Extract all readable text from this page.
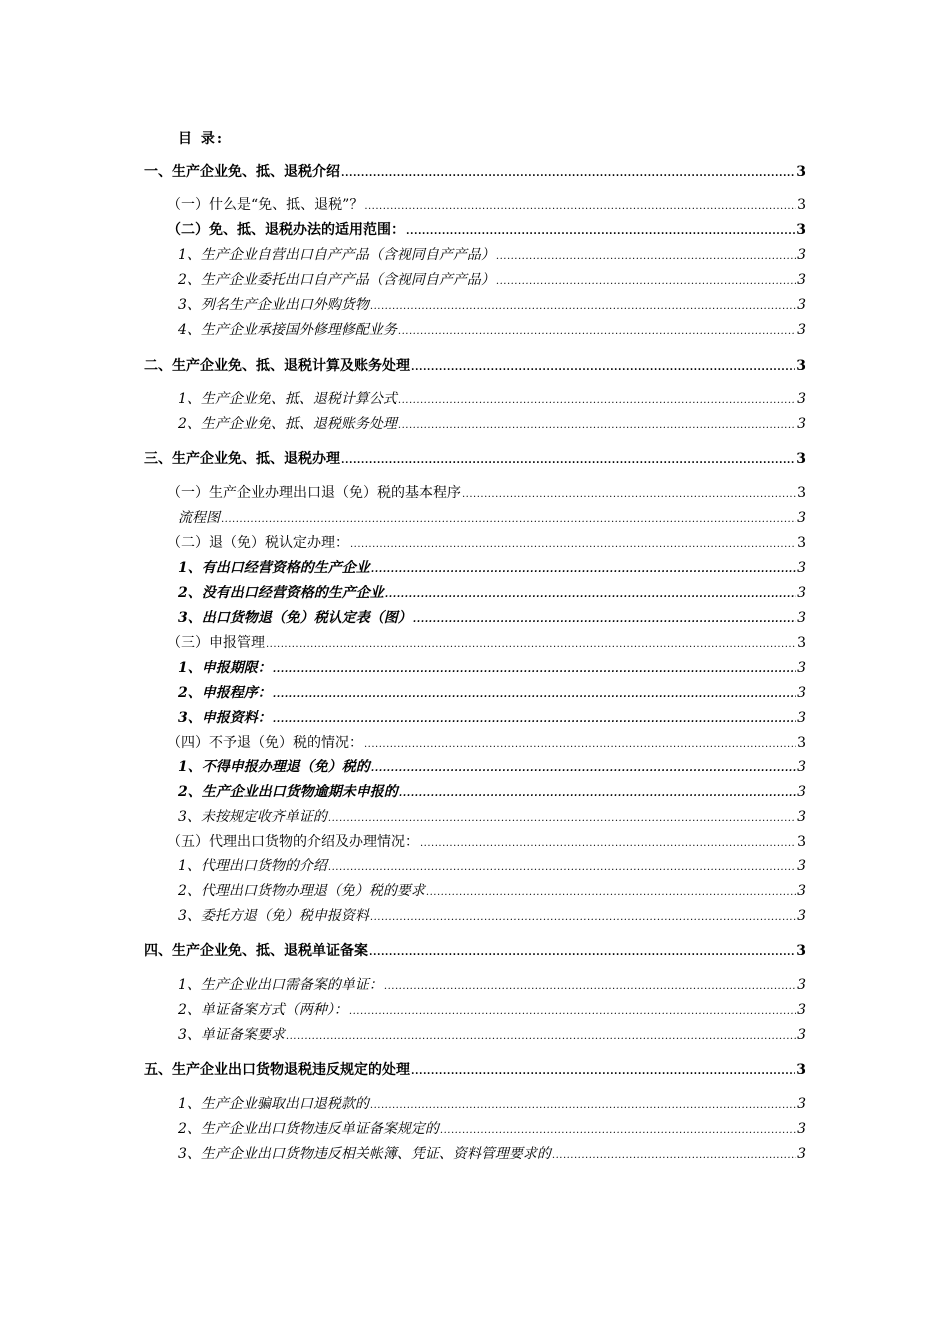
目 录:
一、生产企业免、抵、退税介绍 .....	3
（一）什么是“免、抵、退税”？ .....	3
（二）免、抵、退税办法的适用范围： .....	3
1、生产企业自营出口自产产品（含视同自产产品） .....	3
2、生产企业委托出口自产产品（含视同自产产品） .....	3
3、列名生产企业出口外购货物 .....	3
4、生产企业承接国外修理修配业务 .....	3
二、生产企业免、抵、退税计算及账务处理 .....	3
1、生产企业免、抵、退税计算公式 .....	3
2、生产企业免、抵、退税账务处理 .....	3
三、生产企业免、抵、退税办理 .....	3
（一）生产企业办理出口退（免）税的基本程序 .....	3
流程图 .....	3
（二）退（免）税认定办理： .....	3
1、有出口经营资格的生产企业 .....	3
2、没有出口经营资格的生产企业 .....	3
3、出口货物退（免）税认定表（图） .....	3
（三）申报管理 .....	3
1、申报期限： .....	3
2、申报程序： .....	3
3、申报资料： .....	3
（四）不予退（免）税的情况： .....	3
1、不得申报办理退（免）税的 .....	3
2、生产企业出口货物逾期未申报的 .....	3
3、未按规定收齐单证的 .....	3
（五）代理出口货物的介绍及办理情况： .....	3
1、代理出口货物的介绍 .....	3
2、代理出口货物办理退（免）税的要求 .....	3
3、委托方退（免）税申报资料 .....	3
四、生产企业免、抵、退税单证备案 .....	3
1、生产企业出口需备案的单证： .....	3
2、单证备案方式（两种）： .....	3
3、单证备案要求 .....	3
五、生产企业出口货物退税违反规定的处理 .....	3
1、生产企业骗取出口退税款的 .....	3
2、生产企业出口货物违反单证备案规定的 .....	3
3、生产企业出口货物违反相关帐簿、凭证、资料管理要求的 .....	3
